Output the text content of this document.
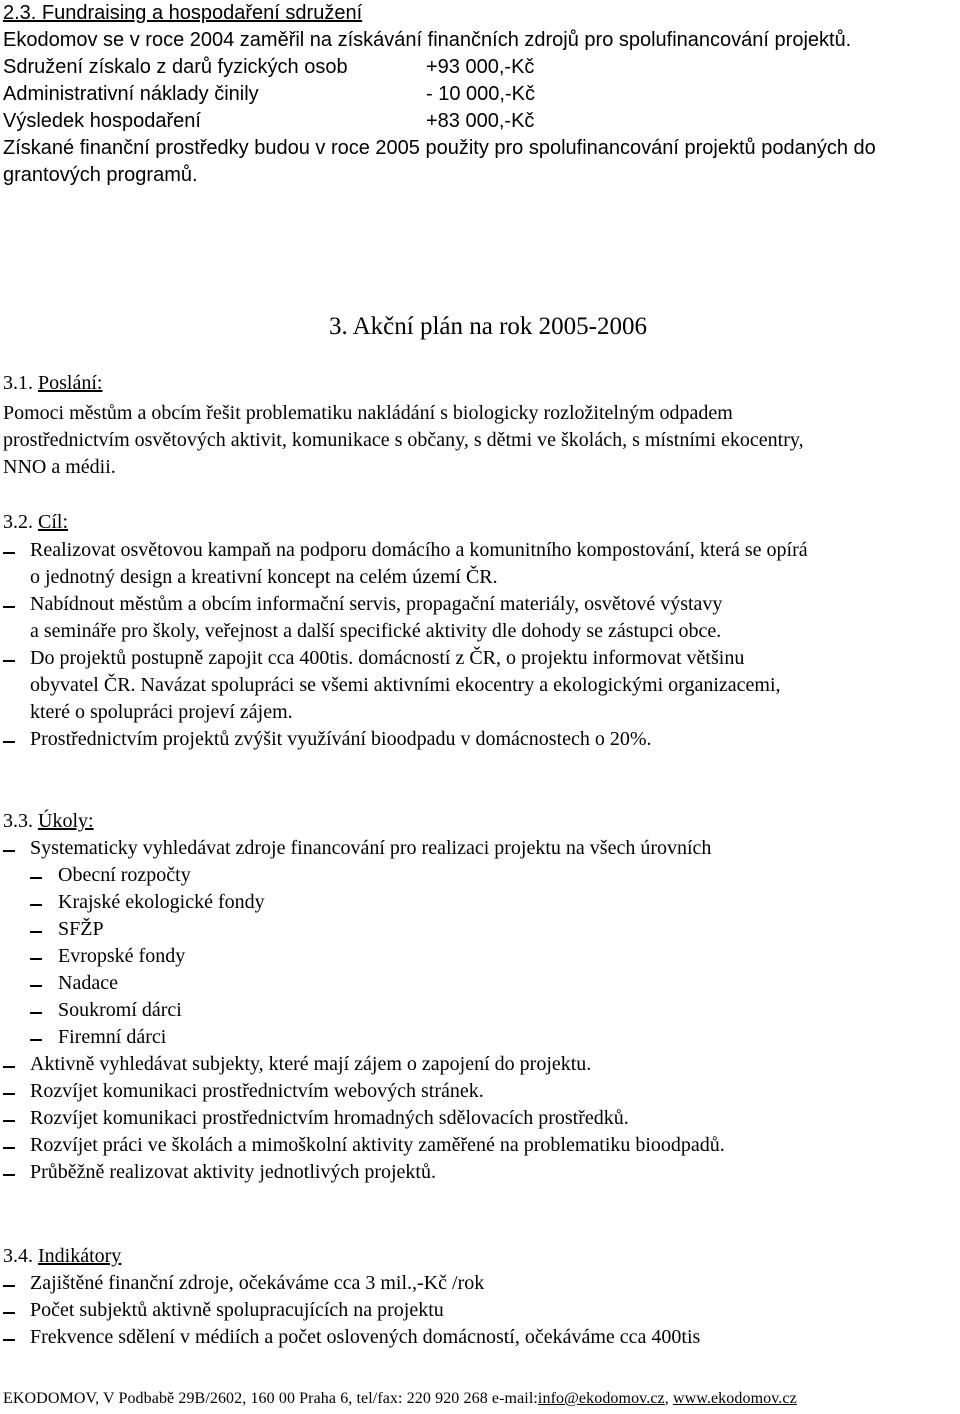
2.3. Fundraising a hospodaření sdružení
Ekodomov se v roce 2004 zaměřil na získávání finančních zdrojů pro spolufinancování projektů.
Sdružení získalo z darů fyzických osob	+93 000,-Kč
Administrativní náklady činily	- 10 000,-Kč
Výsledek hospodaření	+83 000,-Kč
Získané finanční prostředky budou v roce 2005 použity pro spolufinancování projektů podaných do
grantových programů.
3. Akční plán na rok 2005-2006
3.1. Poslání:
Pomoci městům a obcím řešit problematiku nakládání s biologicky rozložitelným odpadem
prostřednictvím osvětových aktivit, komunikace s občany, s dětmi ve školách, s místními ekocentry,
NNO a médii.
3.2. Cíl:
Realizovat osvětovou kampaň na podporu domácího a komunitního kompostování, která se opírá
o jednotný design a kreativní koncept na celém území ČR.
Nabídnout městům a obcím informační servis, propagační materiály, osvětové výstavy
a semináře pro školy, veřejnost a další specifické aktivity dle dohody se zástupci obce.
Do projektů postupně zapojit cca 400tis. domácností z ČR, o projektu informovat většinu
obyvatel ČR. Navázat spolupráci se všemi aktivními ekocentry a ekologickými organizacemi,
které o spolupráci projeví zájem.
Prostřednictvím projektů zvýšit využívání bioodpadu v domácnostech o 20%.
3.3. Úkoly:
Systematicky vyhledávat zdroje financování pro realizaci projektu na všech úrovních
Obecní rozpočty
Krajské ekologické fondy
SFŽP
Evropské fondy
Nadace
Soukromí dárci
Firemní dárci
Aktivně vyhledávat subjekty, které mají zájem o zapojení do projektu.
Rozvíjet komunikaci prostřednictvím webových stránek.
Rozvíjet komunikaci prostřednictvím hromadných sdělovacích prostředků.
Rozvíjet práci ve školách a mimoškolní aktivity zaměřené na problematiku bioodpadů.
Průběžně realizovat aktivity jednotlivých projektů.
3.4. Indikátory
Zajištěné finanční zdroje, očekáváme cca 3 mil.,-Kč /rok
Počet subjektů aktivně spolupracujících na projektu
Frekvence sdělení v médiích a počet oslovených domácností, očekáváme cca 400tis
EKODOMOV, V Podbabě 29B/2602, 160 00 Praha 6, tel/fax: 220 920 268 e-mail:info@ekodomov.cz, www.ekodomov.cz
